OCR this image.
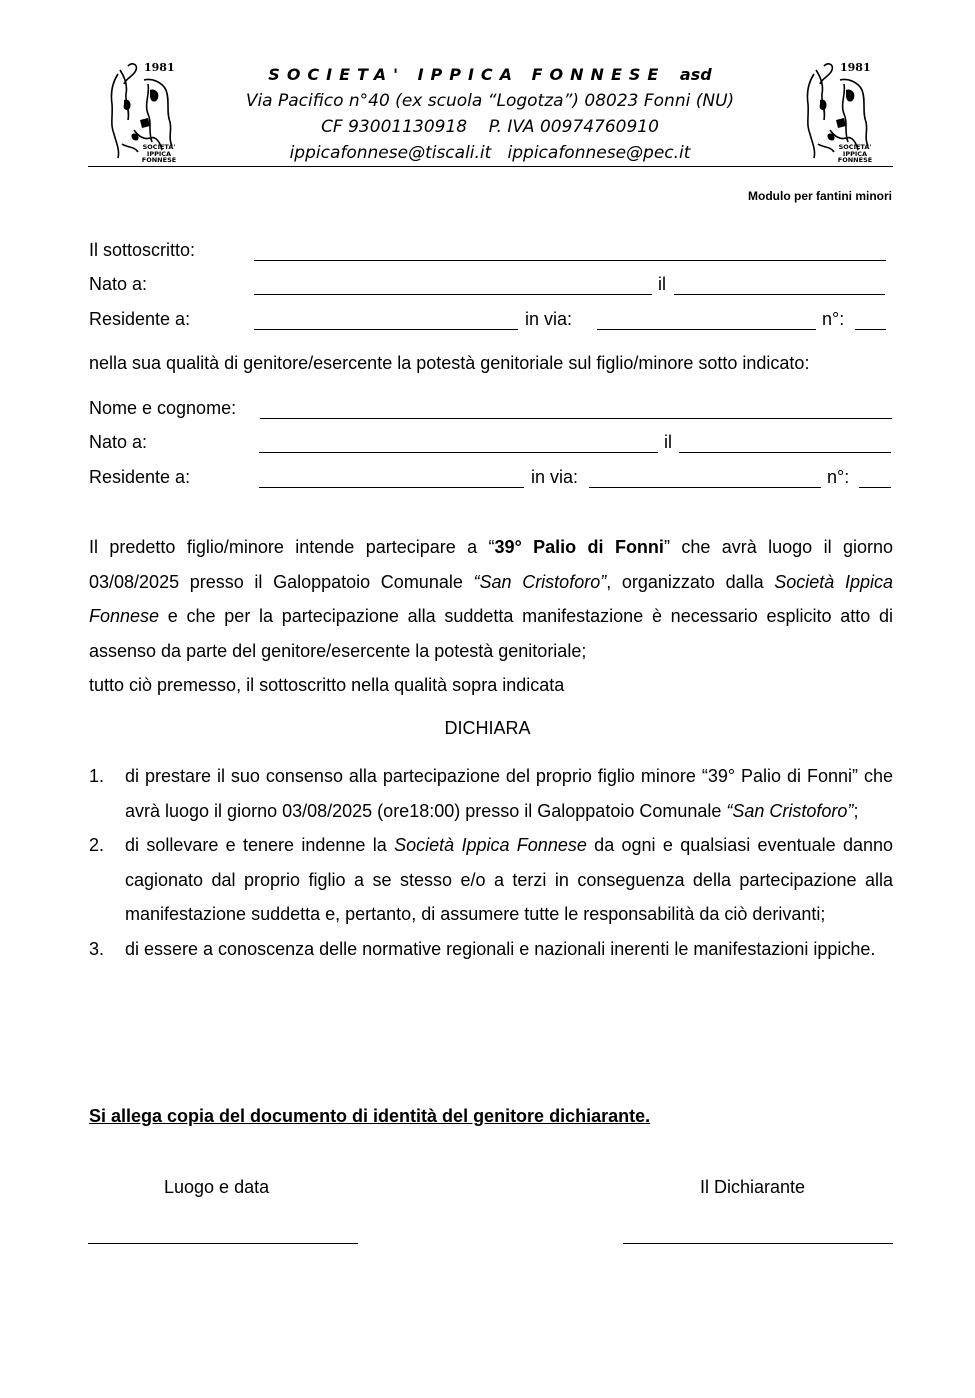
1981
SOCIETA'
IPPICA
FONNESE
SOCIETA' IPPICA FONNESE asd
Via Pacifico n°40 (ex scuola “Logotza”) 08023 Fonni (NU)
CF 93001130918    P. IVA 00974760910
ippicafonnese@tiscali.it   ippicafonnese@pec.it
1981
SOCIETA'
IPPICA
FONNESE
Modulo per fantini minori
Il sottoscritto:
Nato a:	il
Residente a:	in via:	n°:
nella sua qualità di genitore/esercente la potestà genitoriale sul figlio/minore sotto indicato:
Nome e cognome:
Nato a:	il
Residente a:	in via:	n°:
Il predetto figlio/minore intende partecipare a “39° Palio di Fonni” che avrà luogo il giorno 03/08/2025 presso il Galoppatoio Comunale “San Cristoforo”, organizzato dalla Società Ippica Fonnese e che per la partecipazione alla suddetta manifestazione è necessario esplicito atto di assenso da parte del genitore/esercente la potestà genitoriale;
tutto ciò premesso, il sottoscritto nella qualità sopra indicata
DICHIARA
1. di prestare il suo consenso alla partecipazione del proprio figlio minore “39° Palio di Fonni” che avrà luogo il giorno 03/08/2025 (ore18:00) presso il Galoppatoio Comunale “San Cristoforo”;
2. di sollevare e tenere indenne la Società Ippica Fonnese da ogni e qualsiasi eventuale danno cagionato dal proprio figlio a se stesso e/o a terzi in conseguenza della partecipazione alla manifestazione suddetta e, pertanto, di assumere tutte le responsabilità da ciò derivanti;
3. di essere a conoscenza delle normative regionali e nazionali inerenti le manifestazioni ippiche.
Si allega copia del documento di identità del genitore dichiarante.
Luogo e data	Il Dichiarante
